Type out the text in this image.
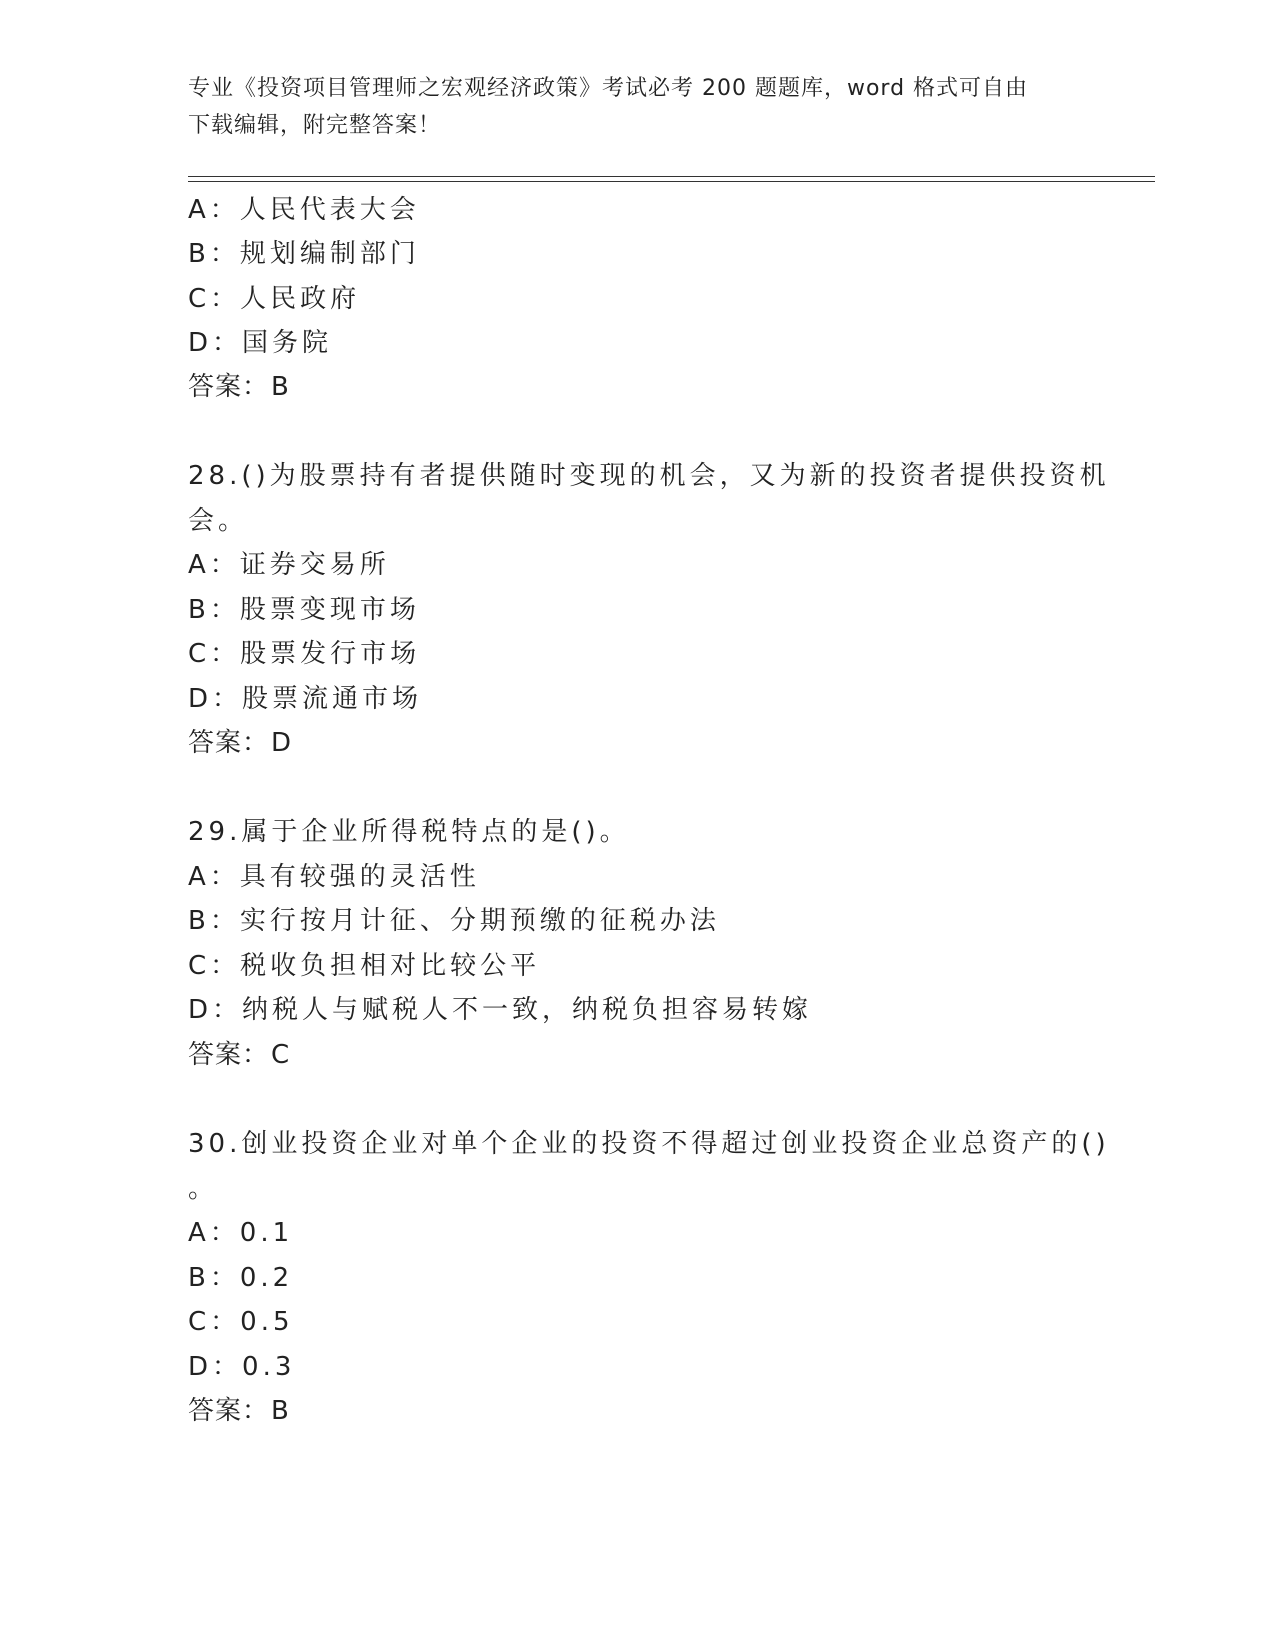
专业《投资项目管理师之宏观经济政策》考试必考 200 题题库，word 格式可自由
下载编辑，附完整答案！
A：人民代表大会
B：规划编制部门
C：人民政府
D：国务院
答案：B
28.()为股票持有者提供随时变现的机会，又为新的投资者提供投资机
会。
A：证券交易所
B：股票变现市场
C：股票发行市场
D：股票流通市场
答案：D
29.属于企业所得税特点的是()。
A：具有较强的灵活性
B：实行按月计征、分期预缴的征税办法
C：税收负担相对比较公平
D：纳税人与赋税人不一致，纳税负担容易转嫁
答案：C
30.创业投资企业对单个企业的投资不得超过创业投资企业总资产的()
。
A：0.1
B：0.2
C：0.5
D：0.3
答案：B
